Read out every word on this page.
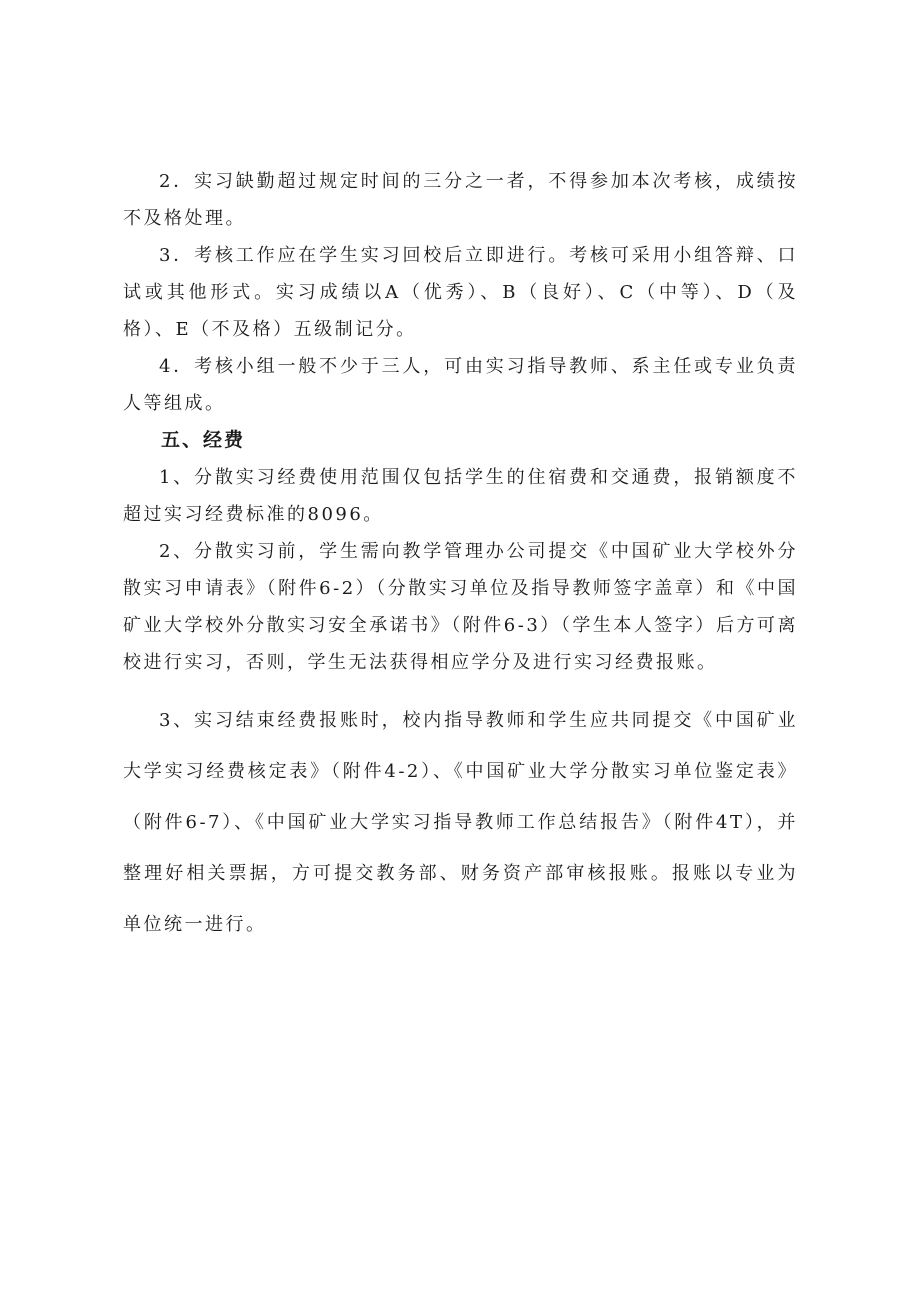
2．实习缺勤超过规定时间的三分之一者，不得参加本次考核，成绩按不及格处理。

3．考核工作应在学生实习回校后立即进行。考核可采用小组答辩、口试或其他形式。实习成绩以A（优秀）、B（良好）、C（中等）、D（及格）、E（不及格）五级制记分。

4．考核小组一般不少于三人，可由实习指导教师、系主任或专业负责人等组成。

五、经费

1、分散实习经费使用范围仅包括学生的住宿费和交通费，报销额度不超过实习经费标准的8096。

2、分散实习前，学生需向教学管理办公司提交《中国矿业大学校外分散实习申请表》（附件6-2）（分散实习单位及指导教师签字盖章）和《中国矿业大学校外分散实习安全承诺书》（附件6-3）（学生本人签字）后方可离校进行实习，否则，学生无法获得相应学分及进行实习经费报账。

3、实习结束经费报账时，校内指导教师和学生应共同提交《中国矿业大学实习经费核定表》（附件4-2）、《中国矿业大学分散实习单位鉴定表》（附件6-7）、《中国矿业大学实习指导教师工作总结报告》（附件4T），并整理好相关票据，方可提交教务部、财务资产部审核报账。报账以专业为单位统一进行。
